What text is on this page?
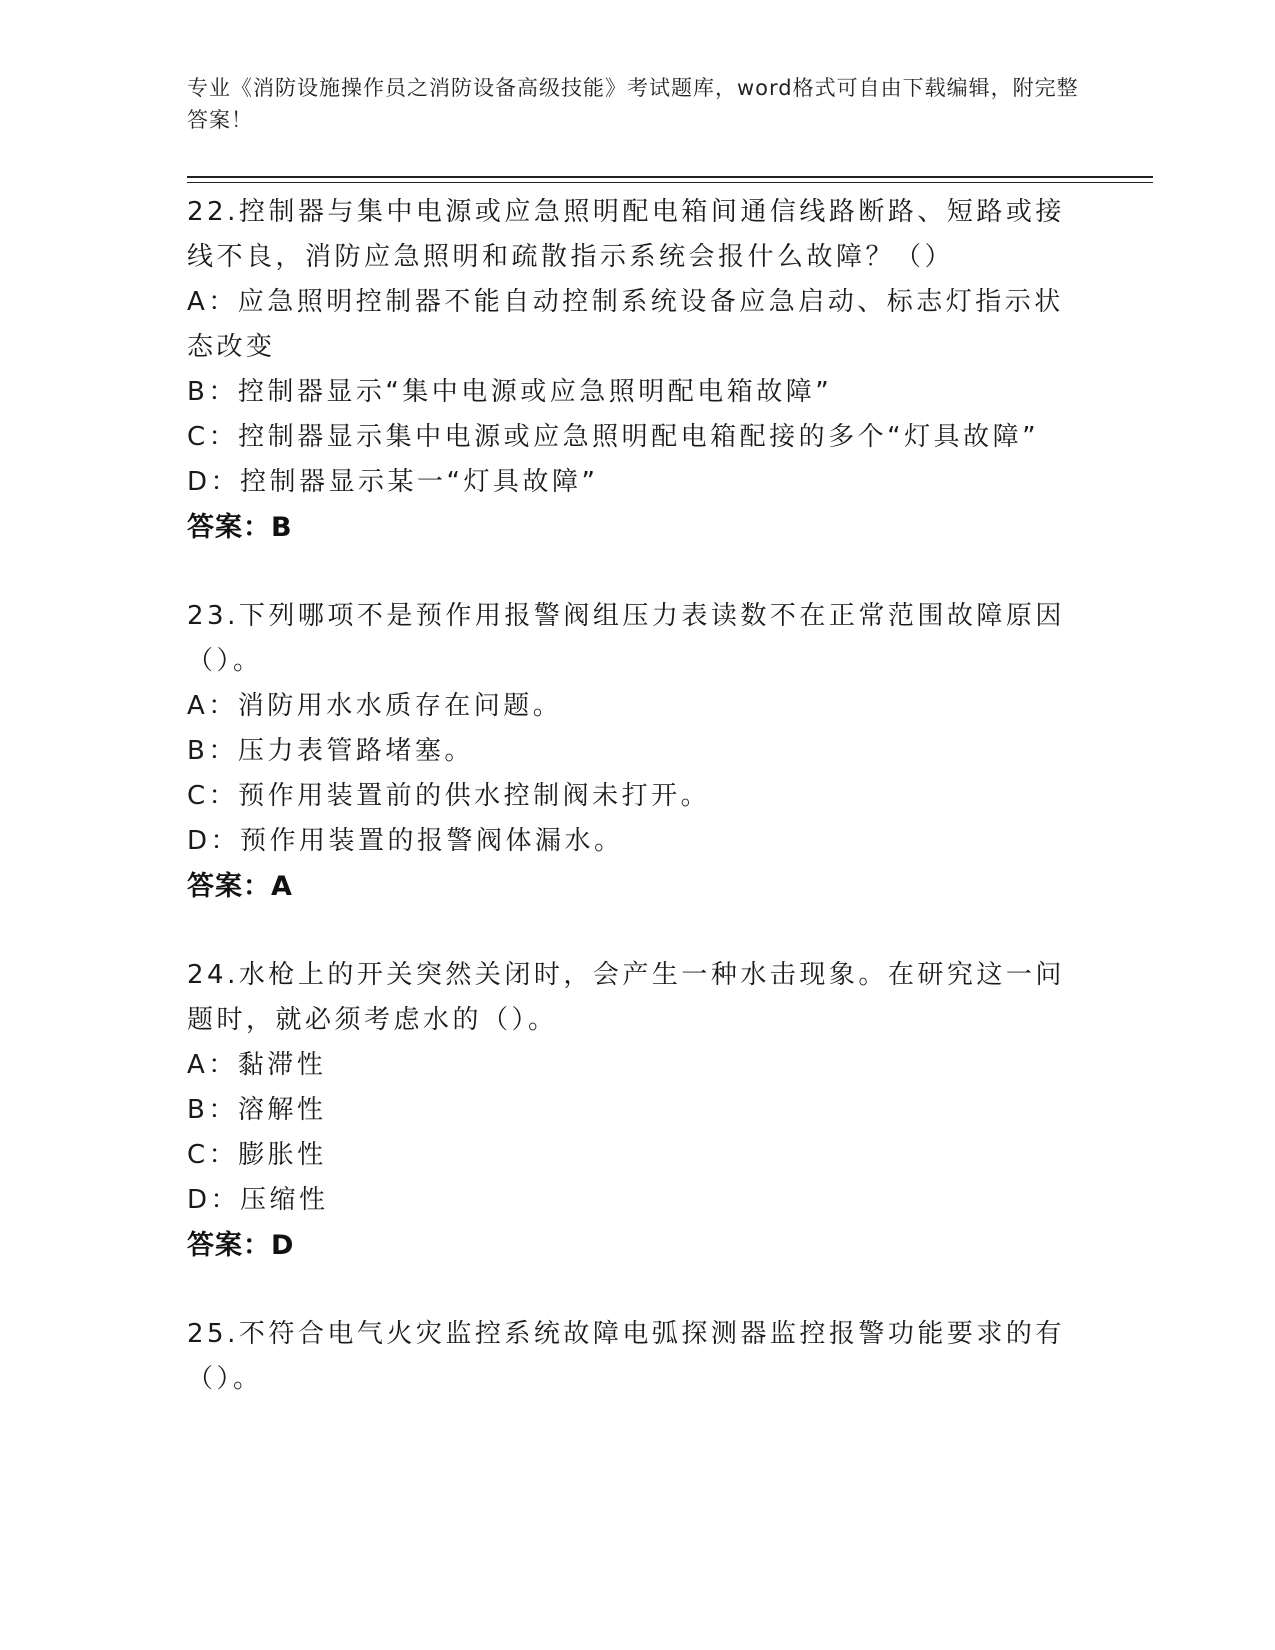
专业《消防设施操作员之消防设备高级技能》考试题库，word格式可自由下载编辑，附完整答案！

22.控制器与集中电源或应急照明配电箱间通信线路断路、短路或接线不良，消防应急照明和疏散指示系统会报什么故障？（）

A：应急照明控制器不能自动控制系统设备应急启动、标志灯指示状态改变

B：控制器显示“集中电源或应急照明配电箱故障”

C：控制器显示集中电源或应急照明配电箱配接的多个“灯具故障”

D：控制器显示某一“灯具故障”

答案：B

23.下列哪项不是预作用报警阀组压力表读数不在正常范围故障原因（）。

A：消防用水水质存在问题。

B：压力表管路堵塞。

C：预作用装置前的供水控制阀未打开。

D：预作用装置的报警阀体漏水。

答案：A

24.水枪上的开关突然关闭时，会产生一种水击现象。在研究这一问题时，就必须考虑水的（）。

A：黏滞性

B：溶解性

C：膨胀性

D：压缩性

答案：D

25.不符合电气火灾监控系统故障电弧探测器监控报警功能要求的有（）。
